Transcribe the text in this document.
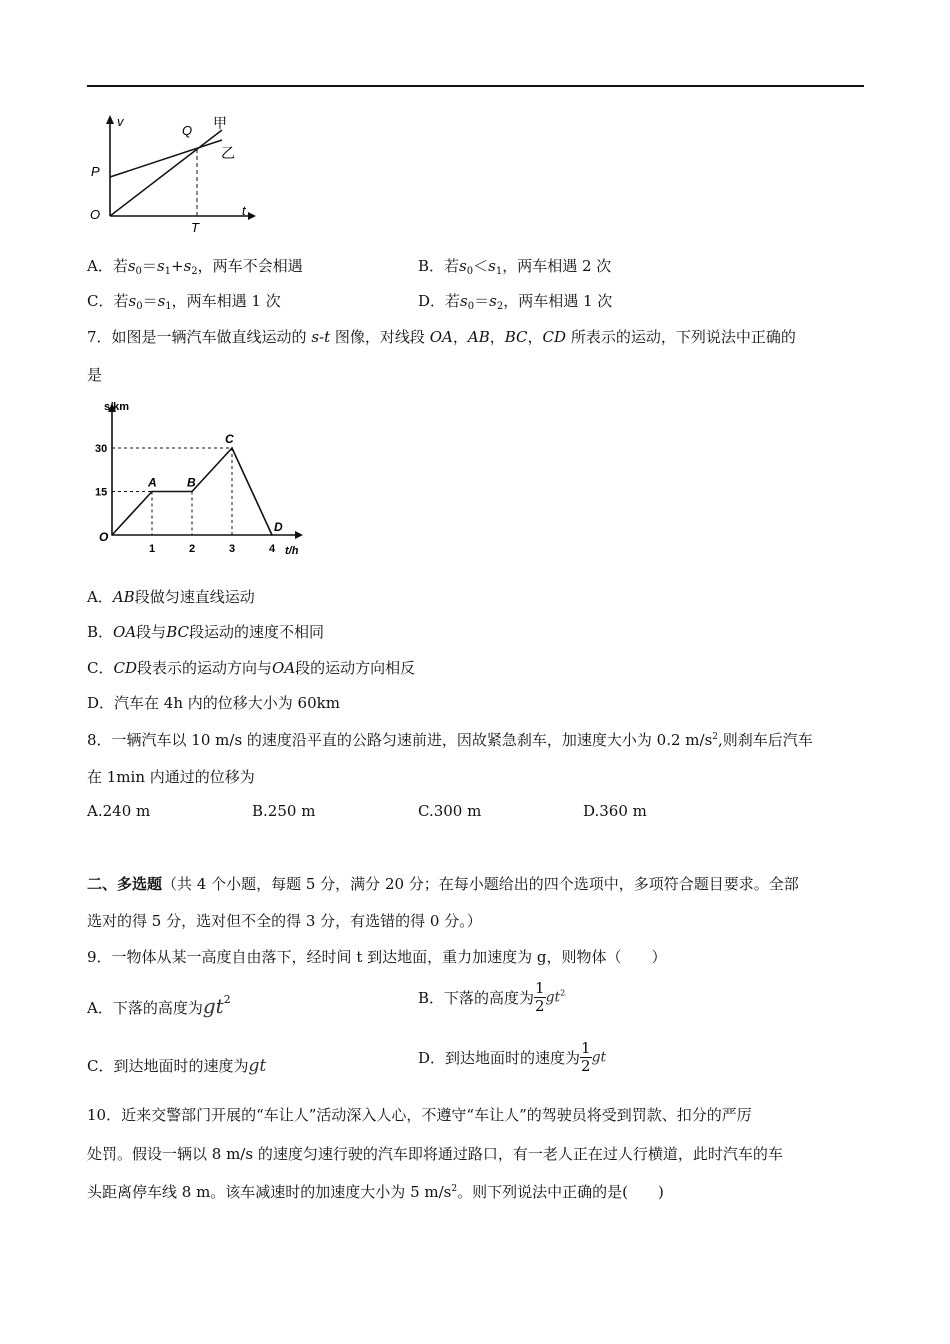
v
t
O
P
Q
T
甲
乙
A．若$s_0=s_1+s_2$，两车不会相遇	B．若$s_0<s_1$，两车相遇 2 次
C．若$s_0=s_1$，两车相遇 1 次	D．若$s_0=s_2$，两车相遇 1 次
7．如图是一辆汽车做直线运动的 s-t 图像，对线段 OA，AB，BC，CD 所表示的运动，下列说法中正确的
是
15
30
1	2	3	4
O
A	B
C
D
s/km
t/h
A．AB段做匀速直线运动
B．OA段与BC段运动的速度不相同
C．CD段表示的运动方向与OA段的运动方向相反
D．汽车在 4h 内的位移大小为 60km
8．一辆汽车以 10 m/s 的速度沿平直的公路匀速前进，因故紧急刹车，加速度大小为 0.2 $m/s^2$,则刹车后汽车
在 1min 内通过的位移为
A.240 m	B.250 m	C.300 m	D.360 m
二、多选题（共 4 个小题，每题 5 分，满分 20 分；在每小题给出的四个选项中，多项符合题目要求。全部
选对的得 5 分，选对但不全的得 3 分，有选错的得 0 分。）
9．一物体从某一高度自由落下，经时间 t 到达地面，重力加速度为 g，则物体（　　）
A．下落的高度为$gt^2$	B．下落的高度为 $\frac{1}{2} gt^2$
C．到达地面时的速度为gt	D．到达地面时的速度为 $\frac{1}{2}$ gt
10．近来交警部门开展的“车让人”活动深入人心，不遵守“车让人”的驾驶员将受到罚款、扣分的严厉
处罚。假设一辆以 8 m/s 的速度匀速行驶的汽车即将通过路口，有一老人正在过人行横道，此时汽车的车
头距离停车线 8 m。该车减速时的加速度大小为 5 $m/s^2$。则下列说法中正确的是(　　)
